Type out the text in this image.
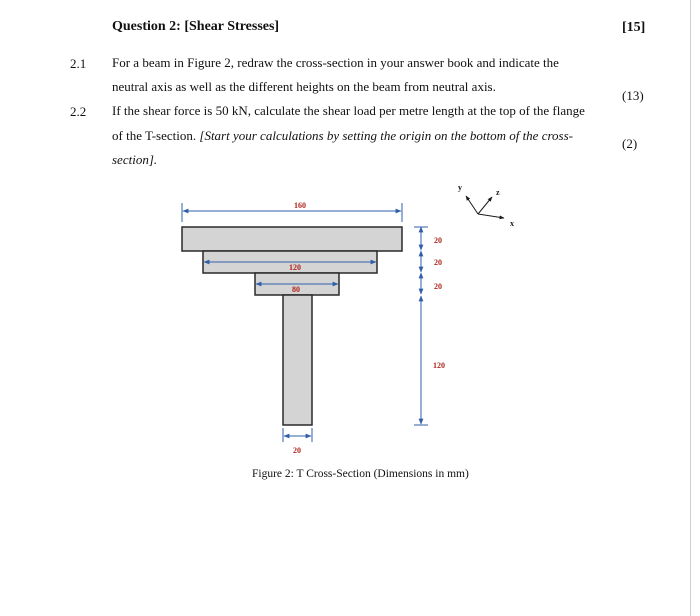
Question 2: [Shear Stresses]	[15]
2.1 For a beam in Figure 2, redraw the cross-section in your answer book and indicate the
neutral axis as well as the different heights on the beam from neutral axis.
(13)
2.2 If the shear force is 50 kN, calculate the shear load per metre length at the top of the flange
of the T-section. [Start your calculations by setting the origin on the bottom of the cross-
section].
(2)
160
120
80
20
20
20
20
120
y
z
x
Figure 2: T Cross-Section (Dimensions in mm)
